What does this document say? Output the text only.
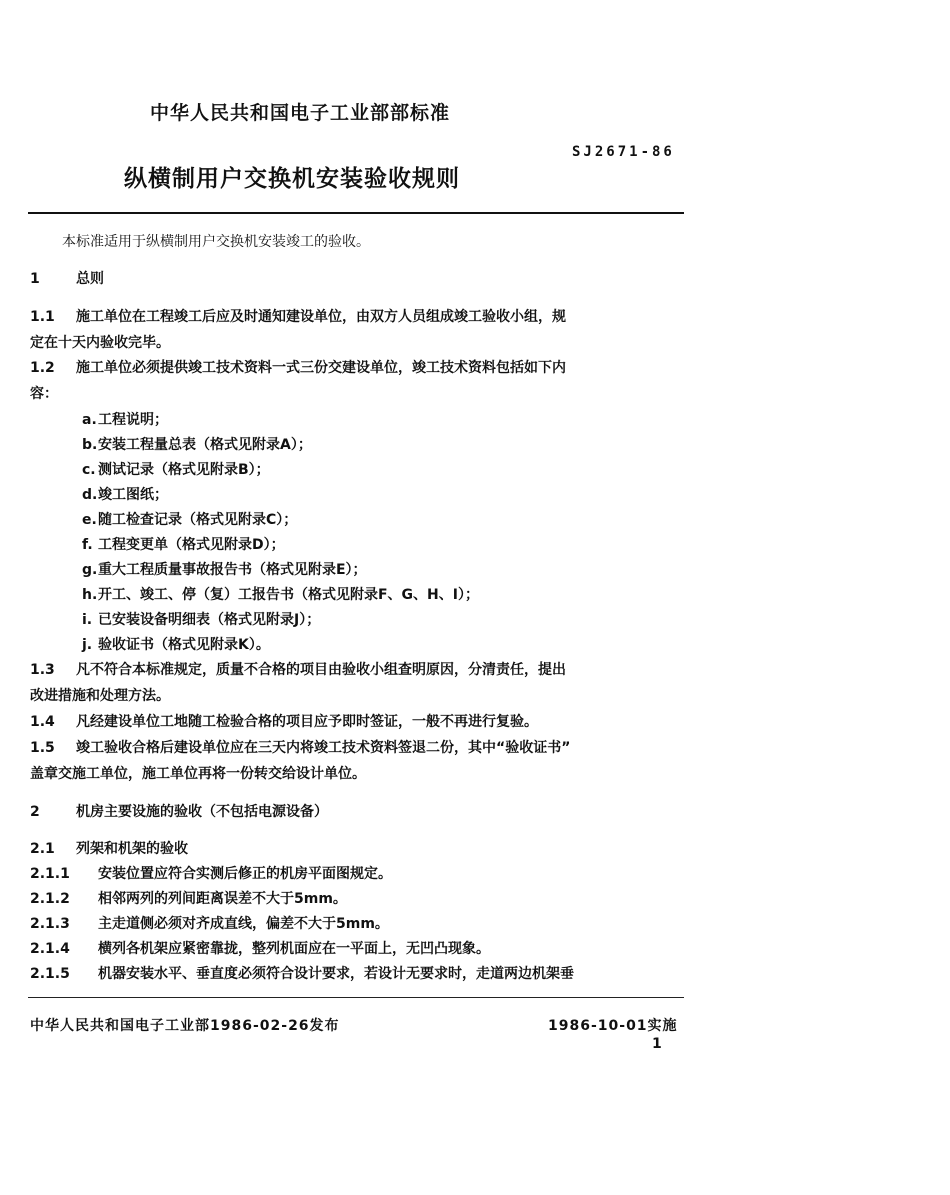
中华人民共和国电子工业部部标准
SJ2671-86
纵横制用户交换机安装验收规则
本标准适用于纵横制用户交换机安装竣工的验收。
1	总则
1.1 施工单位在工程竣工后应及时通知建设单位，由双方人员组成竣工验收小组，规
定在十天内验收完毕。
1.2 施工单位必须提供竣工技术资料一式三份交建设单位，竣工技术资料包括如下内
容：
a.工程说明；
b.安装工程量总表（格式见附录A）；
c. 测试记录（格式见附录B）；
d.竣工图纸；
e.随工检查记录（格式见附录C）；
f. 工程变更单（格式见附录D）；
g.重大工程质量事故报告书（格式见附录E）；
h.开工、竣工、停（复）工报告书（格式见附录F、G、H、I）；
i. 已安装设备明细表（格式见附录J）；
j. 验收证书（格式见附录K）。
1.3 凡不符合本标准规定，质量不合格的项目由验收小组查明原因，分清责任，提出
改进措施和处理方法。
1.4 凡经建设单位工地随工检验合格的项目应予即时签证，一般不再进行复验。
1.5 竣工验收合格后建设单位应在三天内将竣工技术资料签退二份，其中“验收证书”
盖章交施工单位，施工单位再将一份转交给设计单位。
2	机房主要设施的验收（不包括电源设备）
2.1 列架和机架的验收
2.1.1 安装位置应符合实测后修正的机房平面图规定。
2.1.2 相邻两列的列间距离误差不大于5mm。
2.1.3 主走道侧必须对齐成直线，偏差不大于5mm。
2.1.4 横列各机架应紧密靠拢，整列机面应在一平面上，无凹凸现象。
2.1.5 机器安装水平、垂直度必须符合设计要求，若设计无要求时，走道两边机架垂
中华人民共和国电子工业部1986-02-26发布	1986-10-01实施
1
